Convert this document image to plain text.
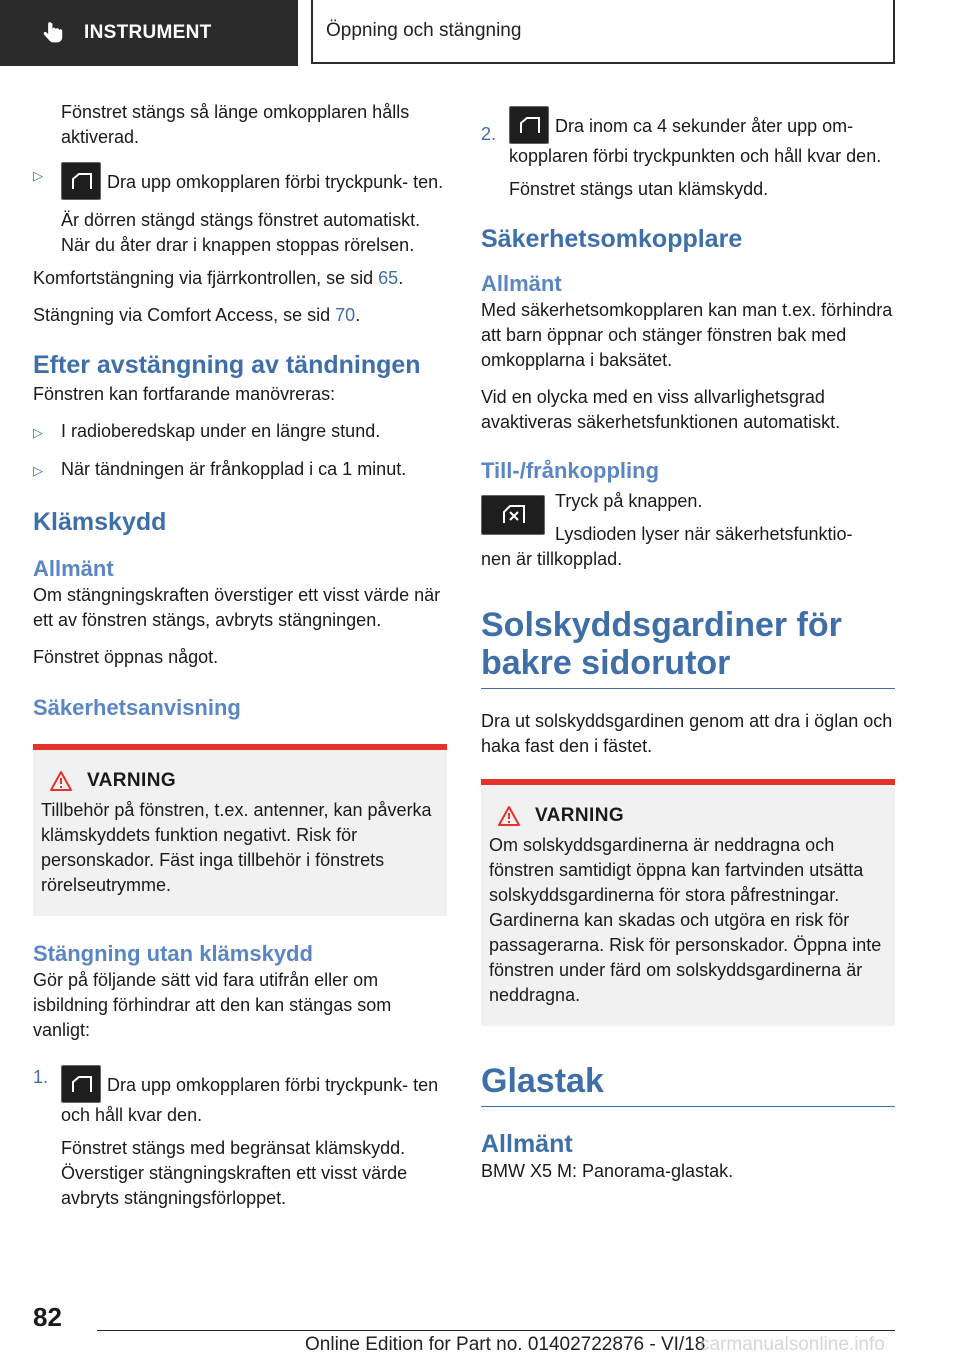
INSTRUMENT	Öppning och stängning

Fönstret stängs så länge omkopplaren hålls aktiverad.

▷	Dra upp omkopplaren förbi tryckpunk- ten.

Är dörren stängd stängs fönstret automatiskt. När du åter drar i knappen stoppas rörelsen.

Komfortstängning via fjärrkontrollen, se sid 65.

Stängning via Comfort Access, se sid 70.

Efter avstängning av tändningen

Fönstren kan fortfarande manövreras:

▷	I radioberedskap under en längre stund.
▷	När tändningen är frånkopplad i ca 1 minut.
Klämskydd
Allmänt

Om stängningskraften överstiger ett visst värde när ett av fönstren stängs, avbryts stängningen.

Fönstret öppnas något.

Säkerhetsanvisning
VARNING

Tillbehör på fönstren, t.ex. antenner, kan påverka klämskyddets funktion negativt. Risk för personskador. Fäst inga tillbehör i fönstrets rörelseutrymme.

Stängning utan klämskydd

Gör på följande sätt vid fara utifrån eller om isbildning förhindrar att den kan stängas som vanligt:

1.	Dra upp omkopplaren förbi tryckpunk- ten och håll kvar den.

Fönstret stängs med begränsat klämskydd. Överstiger stängningskraften ett visst värde avbryts stängningsförloppet.

2.	Dra inom ca 4 sekunder åter upp om- kopplaren förbi tryckpunkten och håll kvar den.

Fönstret stängs utan klämskydd.

Säkerhetsomkopplare
Allmänt

Med säkerhetsomkopplaren kan man t.ex. förhindra att barn öppnar och stänger fönstren bak med omkopplarna i baksätet.

Vid en olycka med en viss allvarlighetsgrad avaktiveras säkerhetsfunktionen automatiskt.

Till-/frånkoppling

Tryck på knappen.

Lysdioden lyser när säkerhetsfunktio-

nen är tillkopplad.

Solskyddsgardiner för bakre sidorutor

Dra ut solskyddsgardinen genom att dra i öglan och haka fast den i fästet.

VARNING

Om solskyddsgardinerna är neddragna och fönstren samtidigt öppna kan fartvinden utsätta solskyddsgardinerna för stora påfrestningar. Gardinerna kan skadas och utgöra en risk för passagerarna. Risk för personskador. Öppna inte fönstren under färd om solskyddsgardinerna är neddragna.

Glastak
Allmänt

BMW X5 M: Panorama-glastak.

82
Online Edition for Part no. 01402722876 - VI/18
carmanualsonline.info
